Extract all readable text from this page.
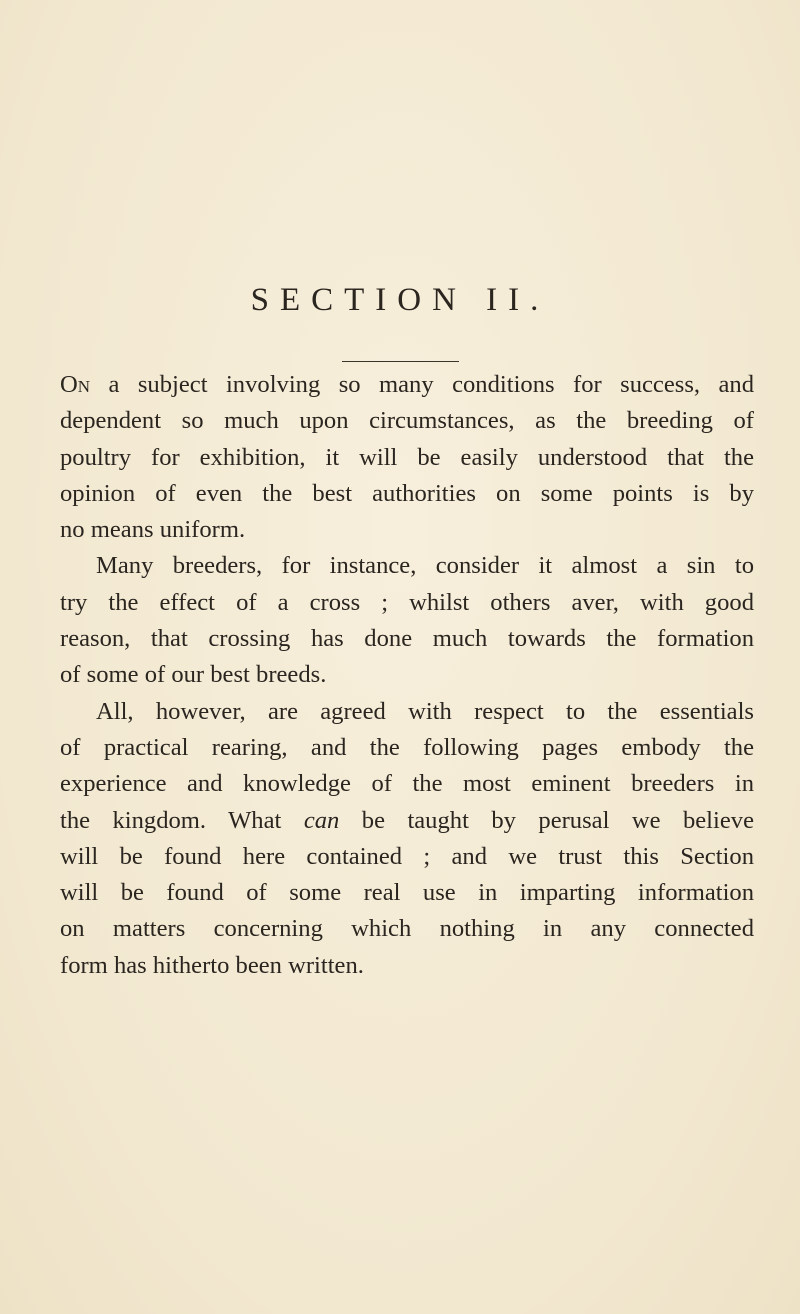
SECTION II.

On a subject involving so many conditions for success, and
dependent so much upon circumstances, as the breeding of
poultry for exhibition, it will be easily understood that the
opinion of even the best authorities on some points is by
no means uniform.

Many breeders, for instance, consider it almost a sin to
try the effect of a cross ; whilst others aver, with good
reason, that crossing has done much towards the formation
of some of our best breeds.

All, however, are agreed with respect to the essentials
of practical rearing, and the following pages embody the
experience and knowledge of the most eminent breeders in
the kingdom. What can be taught by perusal we believe
will be found here contained ; and we trust this Section
will be found of some real use in imparting information
on matters concerning which nothing in any connected
form has hitherto been written.
